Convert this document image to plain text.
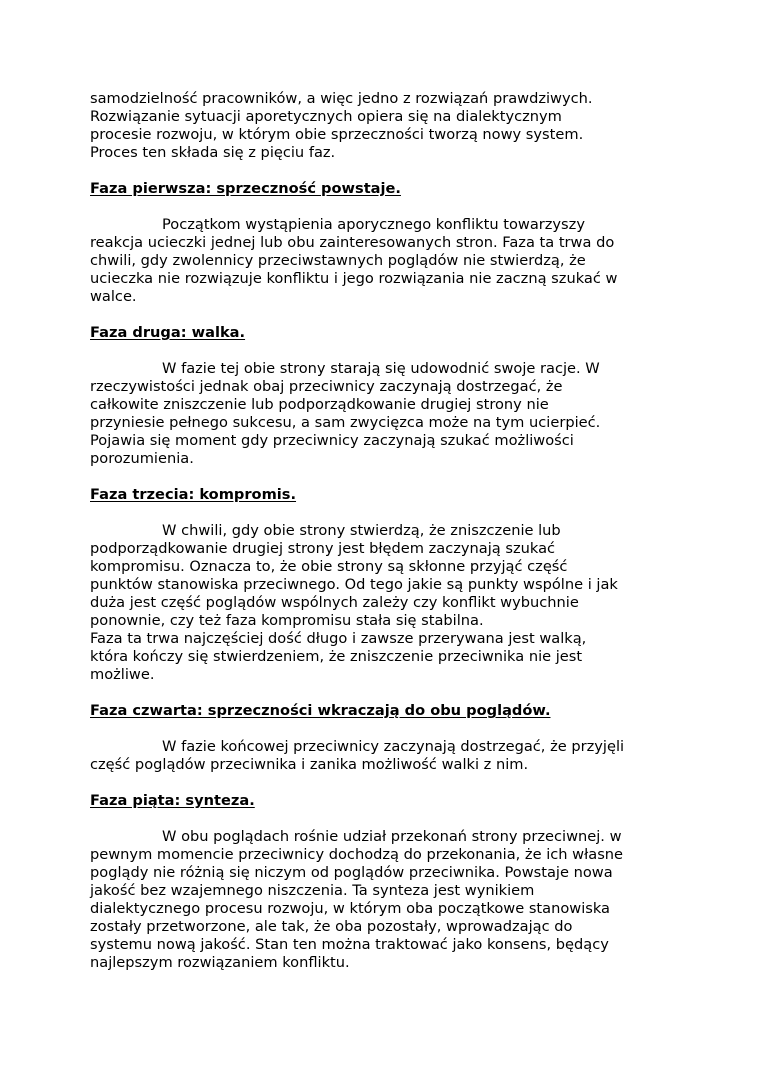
samodzielność pracowników, a więc jedno z rozwiązań prawdziwych.
Rozwiązanie sytuacji aporetycznych opiera się na dialektycznym
procesie rozwoju, w którym obie sprzeczności tworzą nowy system.
Proces ten składa się z pięciu faz.

Faza pierwsza: sprzeczność powstaje.

Początkom wystąpienia aporycznego konfliktu towarzyszy
reakcja ucieczki jednej lub obu zainteresowanych stron. Faza ta trwa do
chwili, gdy zwolennicy przeciwstawnych poglądów nie stwierdzą, że
ucieczka nie rozwiązuje konfliktu i jego rozwiązania nie zaczną szukać w
walce.

Faza druga: walka.

W fazie tej obie strony starają się udowodnić swoje racje. W
rzeczywistości jednak obaj przeciwnicy zaczynają dostrzegać, że
całkowite zniszczenie lub podporządkowanie drugiej strony nie
przyniesie pełnego sukcesu, a sam zwycięzca może na tym ucierpieć.
Pojawia się moment gdy przeciwnicy zaczynają szukać możliwości
porozumienia.

Faza trzecia: kompromis.

W chwili, gdy obie strony stwierdzą, że zniszczenie lub
podporządkowanie drugiej strony jest błędem zaczynają szukać
kompromisu. Oznacza to, że obie strony są skłonne przyjąć część
punktów stanowiska przeciwnego. Od tego jakie są punkty wspólne i jak
duża jest część poglądów wspólnych zależy czy konflikt wybuchnie
ponownie, czy też faza kompromisu stała się stabilna.
Faza ta trwa najczęściej dość długo i zawsze przerywana jest walką,
która kończy się stwierdzeniem, że zniszczenie przeciwnika nie jest
możliwe.

Faza czwarta: sprzeczności wkraczają do obu poglądów.

W fazie końcowej przeciwnicy zaczynają dostrzegać, że przyjęli
część poglądów przeciwnika i zanika możliwość walki z nim.

Faza piąta: synteza.

W obu poglądach rośnie udział przekonań strony przeciwnej. w
pewnym momencie przeciwnicy dochodzą do przekonania, że ich własne
poglądy nie różnią się niczym od poglądów przeciwnika. Powstaje nowa
jakość bez wzajemnego niszczenia. Ta synteza jest wynikiem
dialektycznego procesu rozwoju, w którym oba początkowe stanowiska
zostały przetworzone, ale tak, że oba pozostały, wprowadzając do
systemu nową jakość. Stan ten można traktować jako konsens, będący
najlepszym rozwiązaniem konfliktu.
